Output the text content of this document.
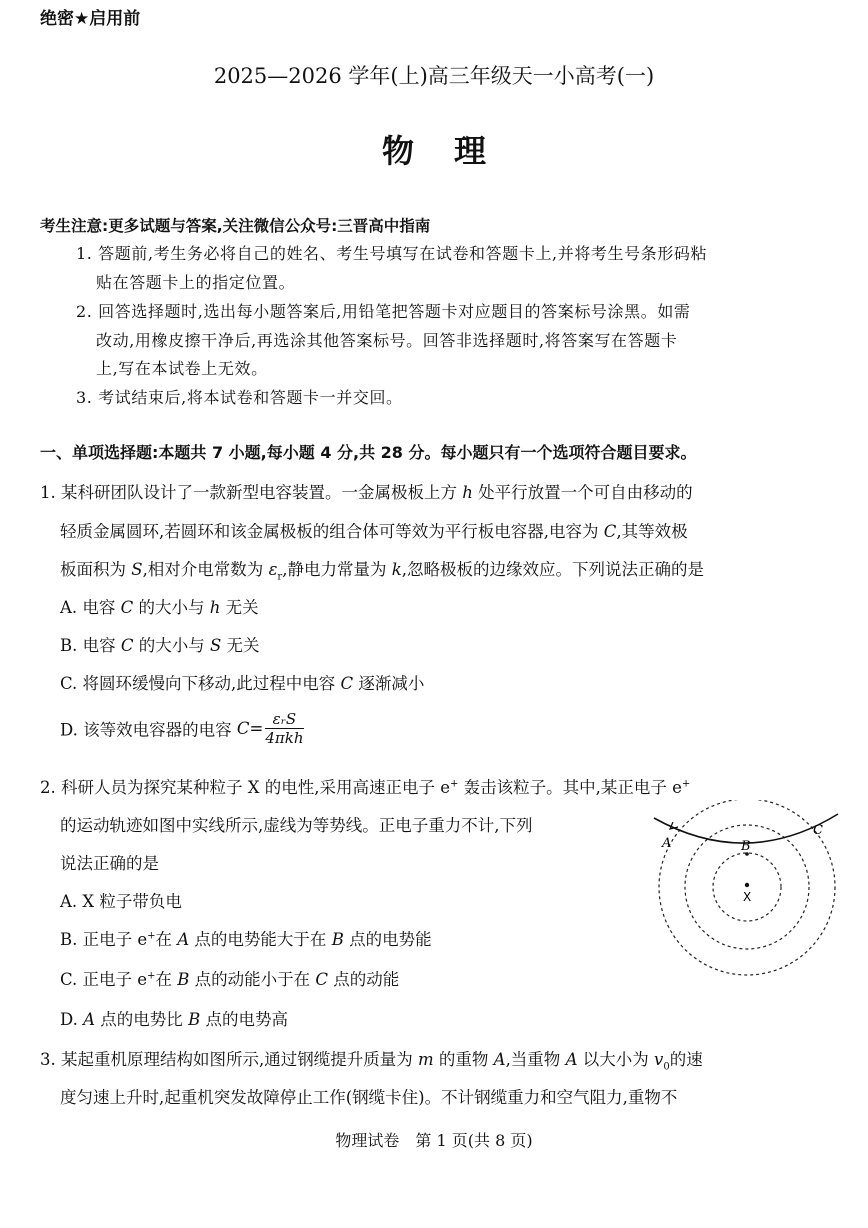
绝密★启用前
2025—2026 学年(上)高三年级天一小高考(一)
物理
考生注意:更多试题与答案,关注微信公众号:三晋高中指南
1. 答题前,考生务必将自己的姓名、考生号填写在试卷和答题卡上,并将考生号条形码粘
贴在答题卡上的指定位置。
2. 回答选择题时,选出每小题答案后,用铅笔把答题卡对应题目的答案标号涂黑。如需
改动,用橡皮擦干净后,再选涂其他答案标号。回答非选择题时,将答案写在答题卡
上,写在本试卷上无效。
3. 考试结束后,将本试卷和答题卡一并交回。
一、单项选择题:本题共 7 小题,每小题 4 分,共 28 分。每小题只有一个选项符合题目要求。
1. 某科研团队设计了一款新型电容装置。一金属极板上方 h 处平行放置一个可自由移动的
轻质金属圆环,若圆环和该金属极板的组合体可等效为平行板电容器,电容为 C,其等效极
板面积为 S,相对介电常数为 $\varepsilon_r$,静电力常量为 k,忽略极板的边缘效应。下列说法正确的是
A. 电容 C 的大小与 h 无关
B. 电容 C 的大小与 S 无关
C. 将圆环缓慢向下移动,此过程中电容 C 逐渐减小
D. 该等效电容器的电容 $C= \frac{\text{εᵣS}}{\text{4πkh}}$
2. 科研人员为探究某种粒子 X 的电性,采用高速正电子 e+ 轰击该粒子。其中,某正电子 e+
的运动轨迹如图中实线所示,虚线为等势线。正电子重力不计,下列
说法正确的是
A. X 粒子带负电
B. 正电子 e+在 A 点的电势能大于在 B 点的电势能
C. 正电子 e+在 B 点的动能小于在 C 点的动能
D. A 点的电势比 B 点的电势高
A	B
C
X
3. 某起重机原理结构如图所示,通过钢缆提升质量为 m 的重物 A,当重物 A 以大小为 $v_0$的速
度匀速上升时,起重机突发故障停止工作(钢缆卡住)。不计钢缆重力和空气阻力,重物不
物理试卷　第 1 页(共 8 页)
